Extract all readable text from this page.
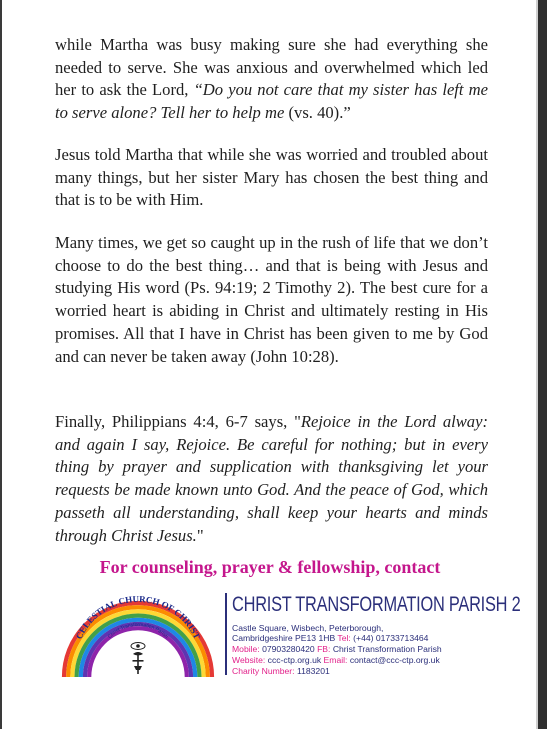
while Martha was busy making sure she had everything she needed to serve. She was anxious and overwhelmed which led her to ask the Lord, “Do you not care that my sister has left me to serve alone? Tell her to help me (vs. 40).”

Jesus told Martha that while she was worried and troubled about many things, but her sister Mary has chosen the best thing and that is to be with Him.

Many times, we get so caught up in the rush of life that we don’t choose to do the best thing… and that is being with Jesus and studying His word (Ps. 94:19; 2 Timothy 2). The best cure for a worried heart is abiding in Christ and ultimately resting in His promises. All that I have in Christ has been given to me by God and can never be taken away (John 10:28).

Finally, Philippians 4:4, 6-7 says, "Rejoice in the Lord alway: and again I say, Rejoice. Be careful for nothing; but in every thing by prayer and supplication with thanksgiving let your requests be made known unto God. And the peace of God, which passeth all understanding, shall keep your hearts and minds through Christ Jesus."

For counseling, prayer & fellowship, contact
CELESTIAL CHURCH OF CHRIST
Christ Transformation Parish
CHRIST TRANSFORMATION PARISH 2
Castle Square, Wisbech, Peterborough,
Cambridgeshire PE13 1HB Tel: (+44) 01733713464
Mobile: 07903280420 FB: Christ Transformation Parish
Website: ccc-ctp.org.uk Email: contact@ccc-ctp.org.uk
Charity Number: 1183201
